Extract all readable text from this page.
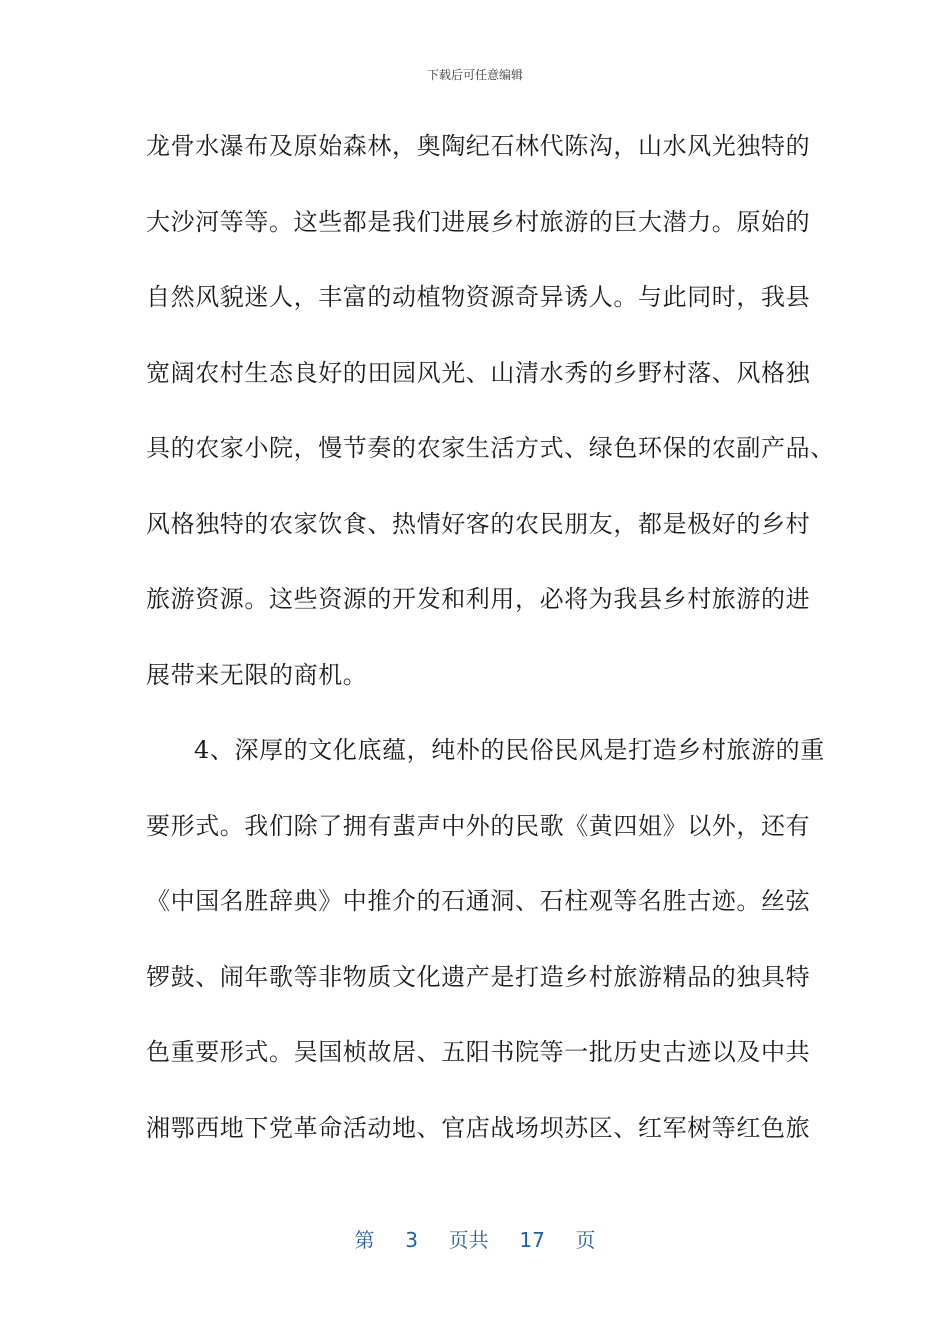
下载后可任意编辑
龙骨水瀑布及原始森林，奥陶纪石林代陈沟，山水风光独特的
大沙河等等。这些都是我们进展乡村旅游的巨大潜力。原始的
自然风貌迷人，丰富的动植物资源奇异诱人。与此同时，我县
宽阔农村生态良好的田园风光、山清水秀的乡野村落、风格独
具的农家小院，慢节奏的农家生活方式、绿色环保的农副产品、
风格独特的农家饮食、热情好客的农民朋友，都是极好的乡村
旅游资源。这些资源的开发和利用，必将为我县乡村旅游的进
展带来无限的商机。
4、深厚的文化底蕴，纯朴的民俗民风是打造乡村旅游的重
要形式。我们除了拥有蜚声中外的民歌《黄四姐》以外，还有
《中国名胜辞典》中推介的石通洞、石柱观等名胜古迹。丝弦
锣鼓、闹年歌等非物质文化遗产是打造乡村旅游精品的独具特
色重要形式。吴国桢故居、五阳书院等一批历史古迹以及中共
湘鄂西地下党革命活动地、官店战场坝苏区、红军树等红色旅
第 3 页共 17 页
